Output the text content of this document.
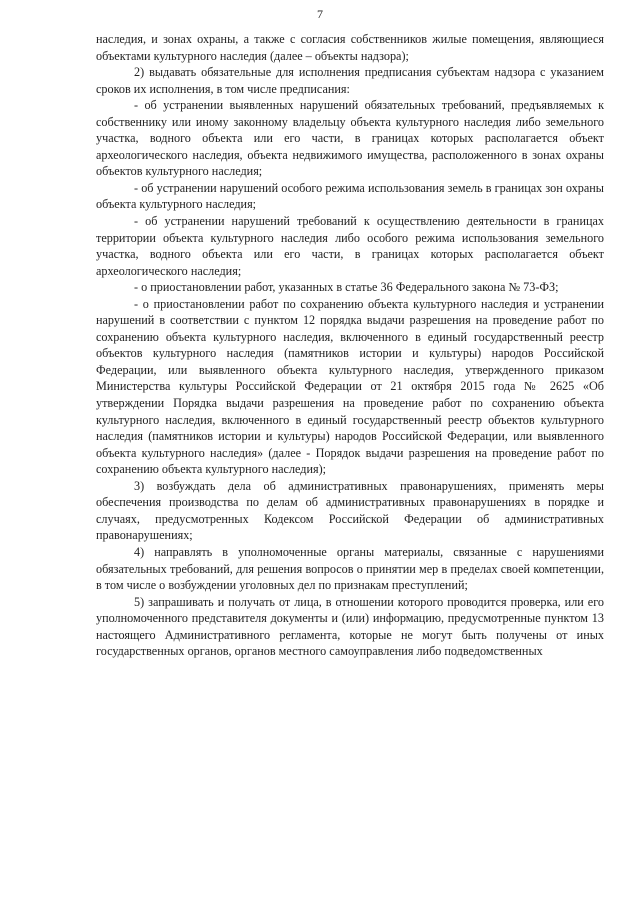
7

наследия, и зонах охраны, а также с согласия собственников жилые помещения, являющиеся объектами культурного наследия (далее – объекты надзора);

2) выдавать обязательные для исполнения предписания субъектам надзора с указанием сроков их исполнения, в том числе предписания:

- об устранении выявленных нарушений обязательных требований, предъявляемых к собственнику или иному законному владельцу объекта культурного наследия либо земельного участка, водного объекта или его части, в границах которых располагается объект археологического наследия, объекта недвижимого имущества, расположенного в зонах охраны объектов культурного наследия;

- об устранении нарушений особого режима использования земель в границах зон охраны объекта культурного наследия;

- об устранении нарушений требований к осуществлению деятельности в границах территории объекта культурного наследия либо особого режима использования земельного участка, водного объекта или его части, в границах которых располагается объект археологического наследия;

- о приостановлении работ, указанных в статье 36 Федерального закона № 73-ФЗ;

- о приостановлении работ по сохранению объекта культурного наследия и устранении нарушений в соответствии с пунктом 12 порядка выдачи разрешения на проведение работ по сохранению объекта культурного наследия, включенного в единый государственный реестр объектов культурного наследия (памятников истории и культуры) народов Российской Федерации, или выявленного объекта культурного наследия, утвержденного приказом Министерства культуры Российской Федерации от 21 октября 2015 года № 2625 «Об утверждении Порядка выдачи разрешения на проведение работ по сохранению объекта культурного наследия, включенного в единый государственный реестр объектов культурного наследия (памятников истории и культуры) народов Российской Федерации, или выявленного объекта культурного наследия» (далее - Порядок выдачи разрешения на проведение работ по сохранению объекта культурного наследия);

3) возбуждать дела об административных правонарушениях, применять меры обеспечения производства по делам об административных правонарушениях в порядке и случаях, предусмотренных Кодексом Российской Федерации об административных правонарушениях;

4) направлять в уполномоченные органы материалы, связанные с нарушениями обязательных требований, для решения вопросов о принятии мер в пределах своей компетенции, в том числе о возбуждении уголовных дел по признакам преступлений;

5) запрашивать и получать от лица, в отношении которого проводится проверка, или его уполномоченного представителя документы и (или) информацию, предусмотренные пунктом 13 настоящего Административного регламента, которые не могут быть получены от иных государственных органов, органов местного самоуправления либо подведомственных
